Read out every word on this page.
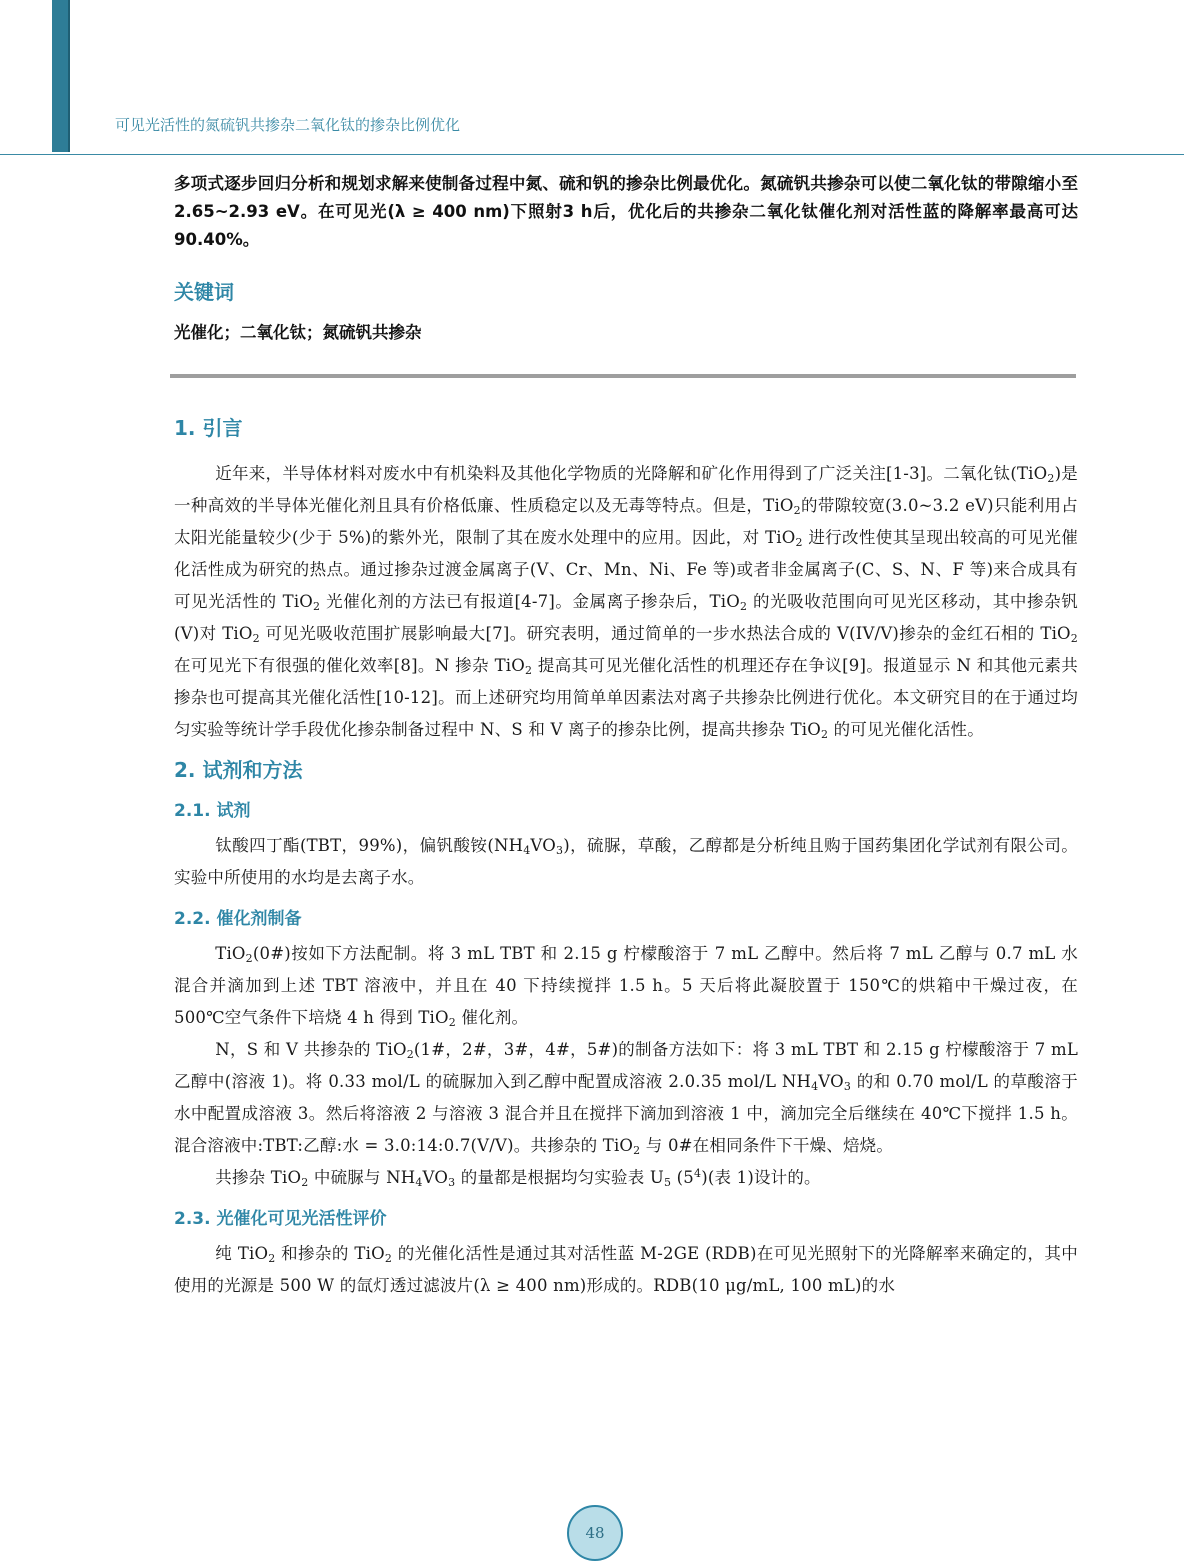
可见光活性的氮硫钒共掺杂二氧化钛的掺杂比例优化

多项式逐步回归分析和规划求解来使制备过程中氮、硫和钒的掺杂比例最优化。氮硫钒共掺杂可以使二氧化钛的带隙缩小至2.65~2.93 eV。在可见光(λ ≥ 400 nm)下照射3 h后，优化后的共掺杂二氧化钛催化剂对活性蓝的降解率最高可达90.40%。

关键词
光催化；二氧化钛；氮硫钒共掺杂
1. 引言

近年来，半导体材料对废水中有机染料及其他化学物质的光降解和矿化作用得到了广泛关注[1-3]。二氧化钛(TiO$_2$)是一种高效的半导体光催化剂且具有价格低廉、性质稳定以及无毒等特点。但是，TiO$_2$的带隙较宽(3.0~3.2 eV)只能利用占太阳光能量较少(少于 5%)的紫外光，限制了其在废水处理中的应用。因此，对 TiO$_2$ 进行改性使其呈现出较高的可见光催化活性成为研究的热点。通过掺杂过渡金属离子(V、Cr、Mn、Ni、Fe 等)或者非金属离子(C、S、N、F 等)来合成具有可见光活性的 TiO$_2$ 光催化剂的方法已有报道[4-7]。金属离子掺杂后，TiO$_2$ 的光吸收范围向可见光区移动，其中掺杂钒(V)对 TiO$_2$ 可见光吸收范围扩展影响最大[7]。研究表明，通过简单的一步水热法合成的 V(IV/V)掺杂的金红石相的 TiO$_2$ 在可见光下有很强的催化效率[8]。N 掺杂 TiO$_2$ 提高其可见光催化活性的机理还存在争议[9]。报道显示 N 和其他元素共掺杂也可提高其光催化活性[10-12]。而上述研究均用简单单因素法对离子共掺杂比例进行优化。本文研究目的在于通过均匀实验等统计学手段优化掺杂制备过程中 N、S 和 V 离子的掺杂比例，提高共掺杂 TiO$_2$ 的可见光催化活性。

2. 试剂和方法
2.1. 试剂

钛酸四丁酯(TBT，99%)，偏钒酸铵$(NH_4VO_3)$，硫脲，草酸，乙醇都是分析纯且购于国药集团化学试剂有限公司。实验中所使用的水均是去离子水。

2.2. 催化剂制备

TiO$_2$(0#)按如下方法配制。将 3 mL TBT 和 2.15 g 柠檬酸溶于 7 mL 乙醇中。然后将 7 mL 乙醇与 0.7 mL 水混合并滴加到上述 TBT 溶液中，并且在 40 下持续搅拌 1.5 h。5 天后将此凝胶置于 150℃的烘箱中干燥过夜，在 500℃空气条件下培烧 4 h 得到 TiO$_2$ 催化剂。

N，S 和 V 共掺杂的 TiO$_2$(1#，2#，3#，4#，5#)的制备方法如下：将 3 mL TBT 和 2.15 g 柠檬酸溶于 7 mL 乙醇中(溶液 1)。将 0.33 mol/L 的硫脲加入到乙醇中配置成溶液 2.0.35 mol/L $NH_4VO_3$ 的和 0.70 mol/L 的草酸溶于水中配置成溶液 3。然后将溶液 2 与溶液 3 混合并且在搅拌下滴加到溶液 1 中，滴加完全后继续在 40℃下搅拌 1.5 h。混合溶液中:TBT:乙醇:水 = 3.0:14:0.7(V/V)。共掺杂的 TiO$_2$ 与 0#在相同条件下干燥、焙烧。

共掺杂 TiO$_2$ 中硫脲与 $NH_4VO_3$ 的量都是根据均匀实验表 $U_5$ $(5^4)$(表 1)设计的。

2.3. 光催化可见光活性评价

纯 TiO$_2$ 和掺杂的 TiO$_2$ 的光催化活性是通过其对活性蓝 M-2GE (RDB)在可见光照射下的光降解率来确定的，其中使用的光源是 500 W 的氙灯透过滤波片(λ ≥ 400 nm)形成的。RDB(10 μg/mL, 100 mL)的水

48
